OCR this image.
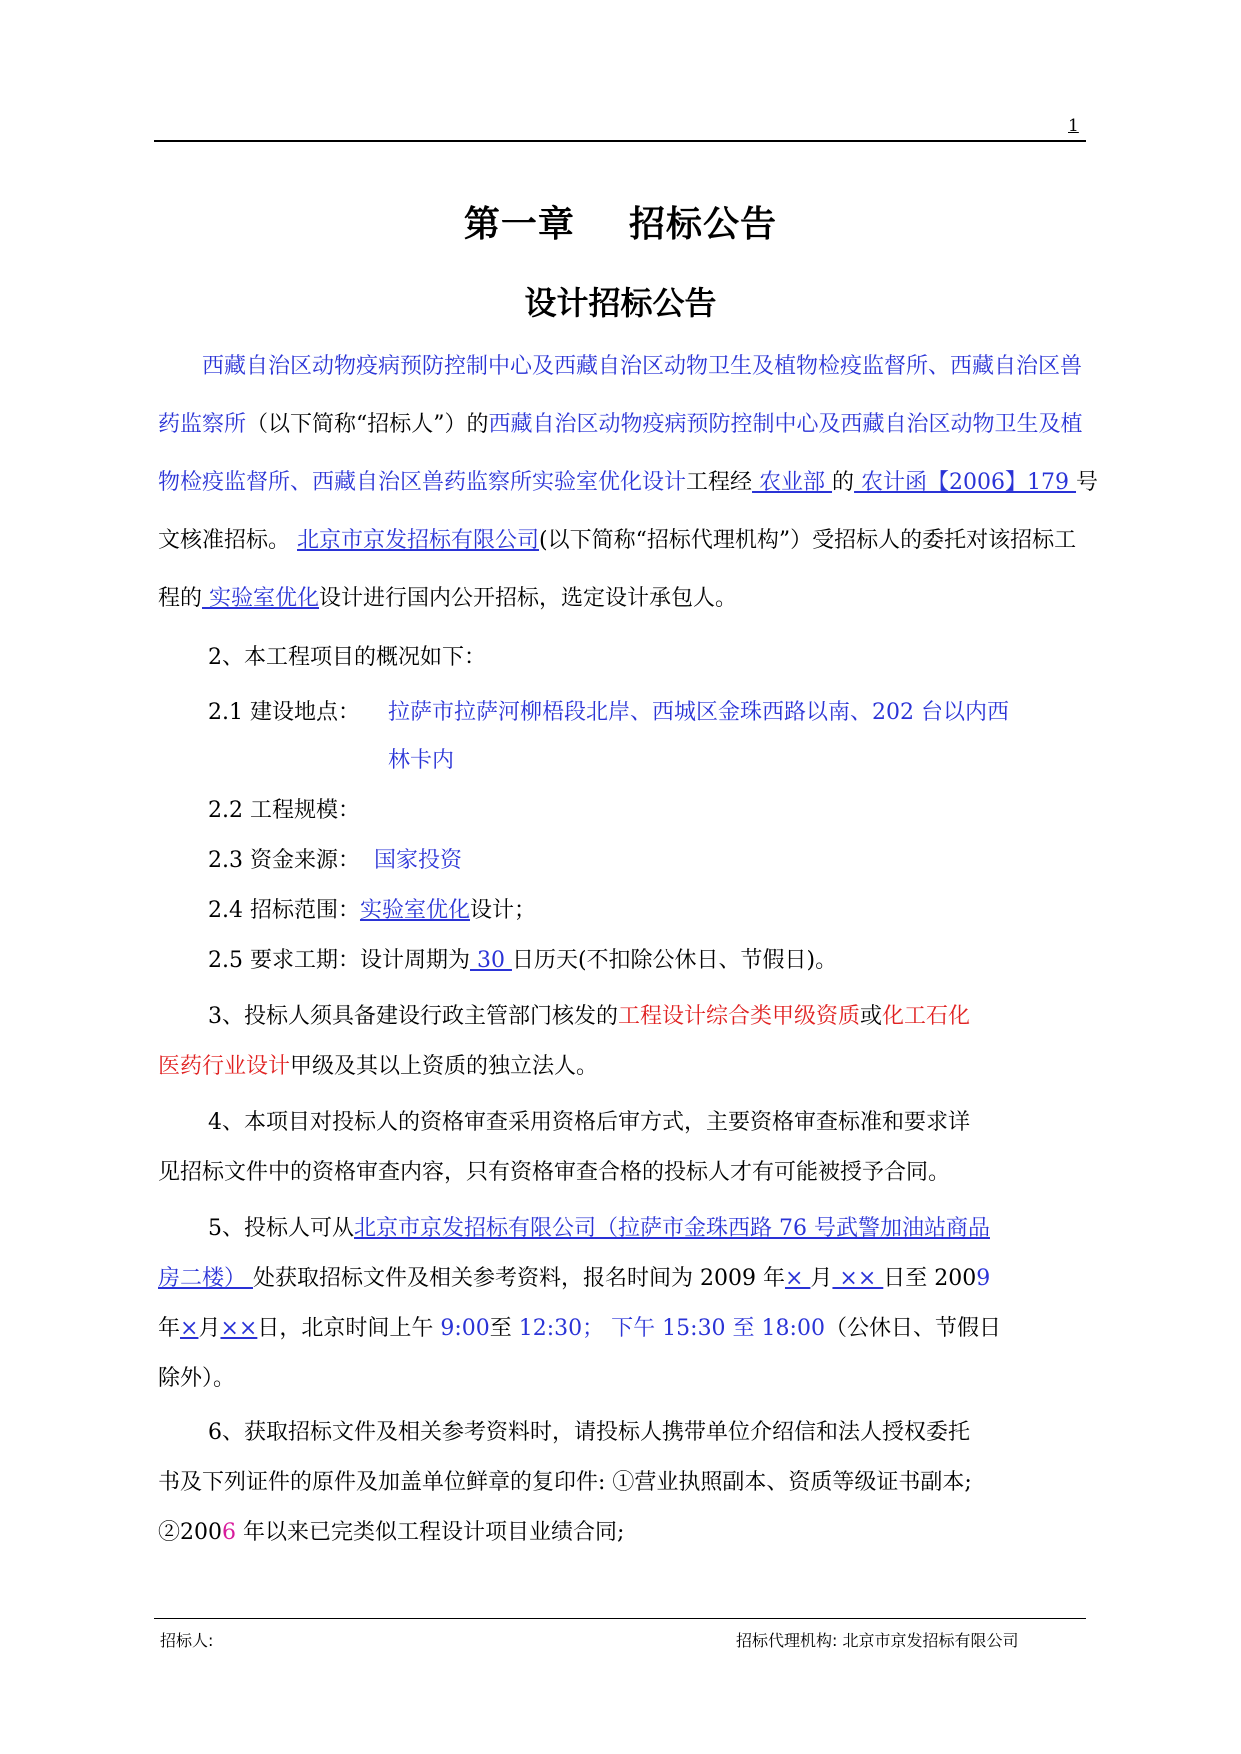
1
第一章    招标公告
设计招标公告
西藏自治区动物疫病预防控制中心及西藏自治区动物卫生及植物检疫监督所、西藏自治区兽
药监察所（以下简称“招标人”）的西藏自治区动物疫病预防控制中心及西藏自治区动物卫生及植
物检疫监督所、西藏自治区兽药监察所实验室优化设计工程经 农业部 的 农计函【2006】179 号
文核准招标。 北京市京发招标有限公司(以下简称“招标代理机构”）受招标人的委托对该招标工
程的 实验室优化设计进行国内公开招标，选定设计承包人。
2、本工程项目的概况如下：
2.1 建设地点： 拉萨市拉萨河柳梧段北岸、西城区金珠西路以南、202 台以内西
林卡内
2.2 工程规模：
2.3 资金来源： 国家投资
2.4 招标范围：实验室优化设计；
2.5 要求工期：设计周期为 30 日历天(不扣除公休日、节假日)。
3、投标人须具备建设行政主管部门核发的工程设计综合类甲级资质或化工石化
医药行业设计甲级及其以上资质的独立法人。
4、本项目对投标人的资格审查采用资格后审方式，主要资格审查标准和要求详
见招标文件中的资格审查内容，只有资格审查合格的投标人才有可能被授予合同。
5、投标人可从北京市京发招标有限公司（拉萨市金珠西路 76 号武警加油站商品
房二楼） 处获取招标文件及相关参考资料，报名时间为 2009 年× 月 ×× 日至 2009
年×月××日，北京时间上午 9:00至 12:30； 下午 15:30 至 18:00（公休日、节假日
除外）。
6、获取招标文件及相关参考资料时，请投标人携带单位介绍信和法人授权委托
书及下列证件的原件及加盖单位鲜章的复印件: ①营业执照副本、资质等级证书副本;
②2006 年以来已完类似工程设计项目业绩合同;
招标人:	招标代理机构: 北京市京发招标有限公司
